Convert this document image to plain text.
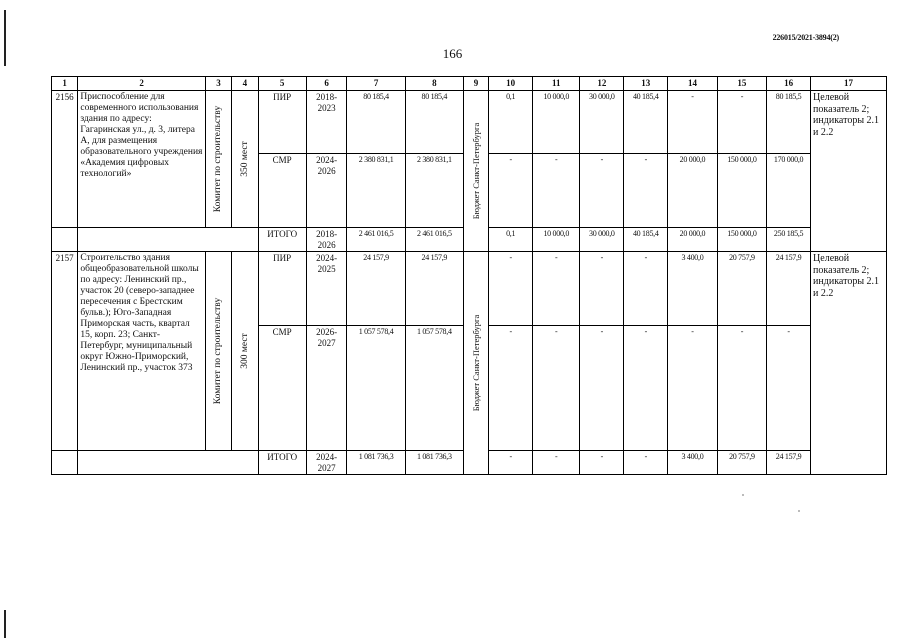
226015/2021-3894(2)
166
1	2	3	4	5	6	7	8	9	10	11	12	13	14	15	16	17
2156	Приспособление для современного использования здания по адресу: Гагаринская ул., д. 3, литера А, для размещения образовательного учреждения «Академия цифровых технологий»	Комитет по строительству	350 мест	ПИР	2018-2023	80 185,4	80 185,4	Бюджет Санкт-Петербурга	0,1	10 000,0	30 000,0	40 185,4	-	-	80 185,5	Целевой показатель 2; индикаторы 2.1 и 2.2
				СМР	2024-2026	2 380 831,1	2 380 831,1		-	-	-	-	20 000,0	150 000,0	170 000,0	
				ИТОГО	2018-2026	2 461 016,5	2 461 016,5		0,1	10 000,0	30 000,0	40 185,4	20 000,0	150 000,0	250 185,5	
2157	Строительство здания общеобразовательной школы по адресу: Ленинский пр., участок 20 (северо-западнее пересечения с Брестским бульв.); Юго-Западная Приморская часть, квартал 15, корп. 23; Санкт-Петербург, муниципальный округ Южно-Приморский, Ленинский пр., участок 373	Комитет по строительству	300 мест	ПИР	2024-2025	24 157,9	24 157,9	Бюджет Санкт-Петербурга	-	-	-	-	3 400,0	20 757,9	24 157,9	Целевой показатель 2; индикаторы 2.1 и 2.2
				СМР	2026-2027	1 057 578,4	1 057 578,4		-	-	-	-	-	-	-	
				ИТОГО	2024-2027	1 081 736,3	1 081 736,3		-	-	-	-	3 400,0	20 757,9	24 157,9	
